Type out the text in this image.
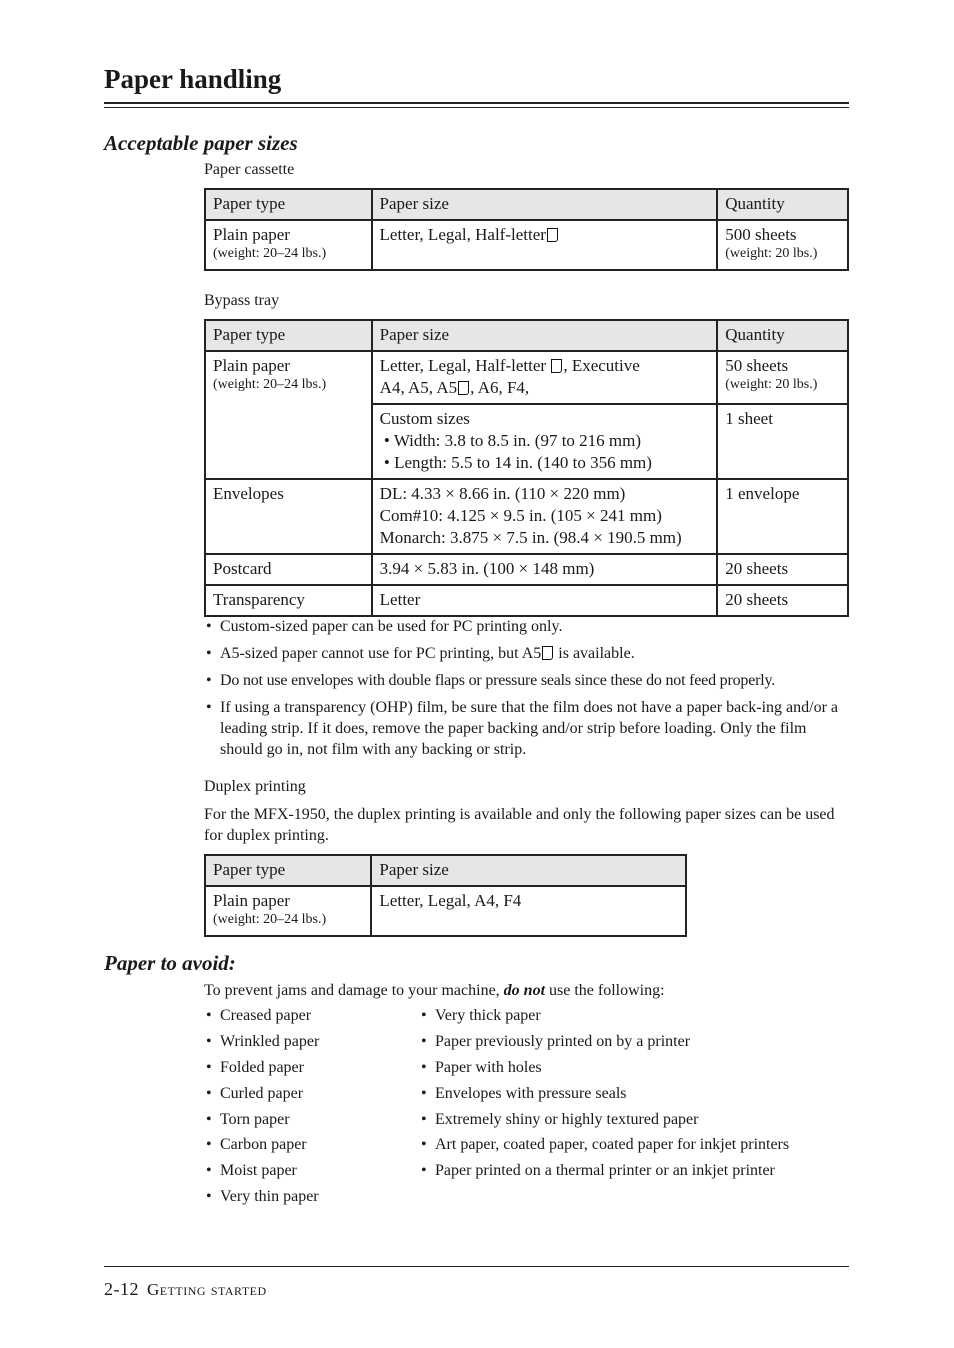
Paper handling
Acceptable paper sizes
Paper cassette
Paper type	Paper size	Quantity
Plain paper
(weight: 20–24 lbs.)	Letter, Legal, Half-letter	500 sheets
(weight: 20 lbs.)
Bypass tray
Paper type	Paper size	Quantity
Plain paper
(weight: 20–24 lbs.)	Letter, Legal, Half-letter , Executive
A4, A5, A5 , A6, F4,	50 sheets
(weight: 20 lbs.)

	Custom sizes
• Width: 3.8 to 8.5 in. (97 to 216 mm)
• Length: 5.5 to 14 in. (140 to 356 mm)	1 sheet
Envelopes	DL: 4.33 × 8.66 in. (110 × 220 mm)
Com#10: 4.125 × 9.5 in. (105 × 241 mm)
Monarch: 3.875 × 7.5 in. (98.4 × 190.5 mm)	1 envelope
Postcard	3.94 × 5.83 in. (100 × 148 mm)	20 sheets
Transparency	Letter	20 sheets
• Custom-sized paper can be used for PC printing only.
• A5-sized paper cannot use for PC printing, but A5 is available.
• Do not use envelopes with double flaps or pressure seals since these do not feed properly.
• If using a transparency (OHP) film, be sure that the film does not have a paper back-ing and/or a leading strip. If it does, remove the paper backing and/or strip before loading. Only the film should go in, not film with any backing or strip.
Duplex printing
For the MFX-1950, the duplex printing is available and only the following paper sizes can be used for duplex printing.
Paper type	Paper size
Plain paper
(weight: 20–24 lbs.)	Letter, Legal, A4, F4
Paper to avoid:
To prevent jams and damage to your machine, do not use the following:
• Creased paper
• Wrinkled paper
• Folded paper
• Curled paper
• Torn paper
• Carbon paper
• Moist paper
• Very thin paper
• Very thick paper
• Paper previously printed on by a printer
• Paper with holes
• Envelopes with pressure seals
• Extremely shiny or highly textured paper
• Art paper, coated paper, coated paper for inkjet printers
• Paper printed on a thermal printer or an inkjet printer
2-12 Getting started
